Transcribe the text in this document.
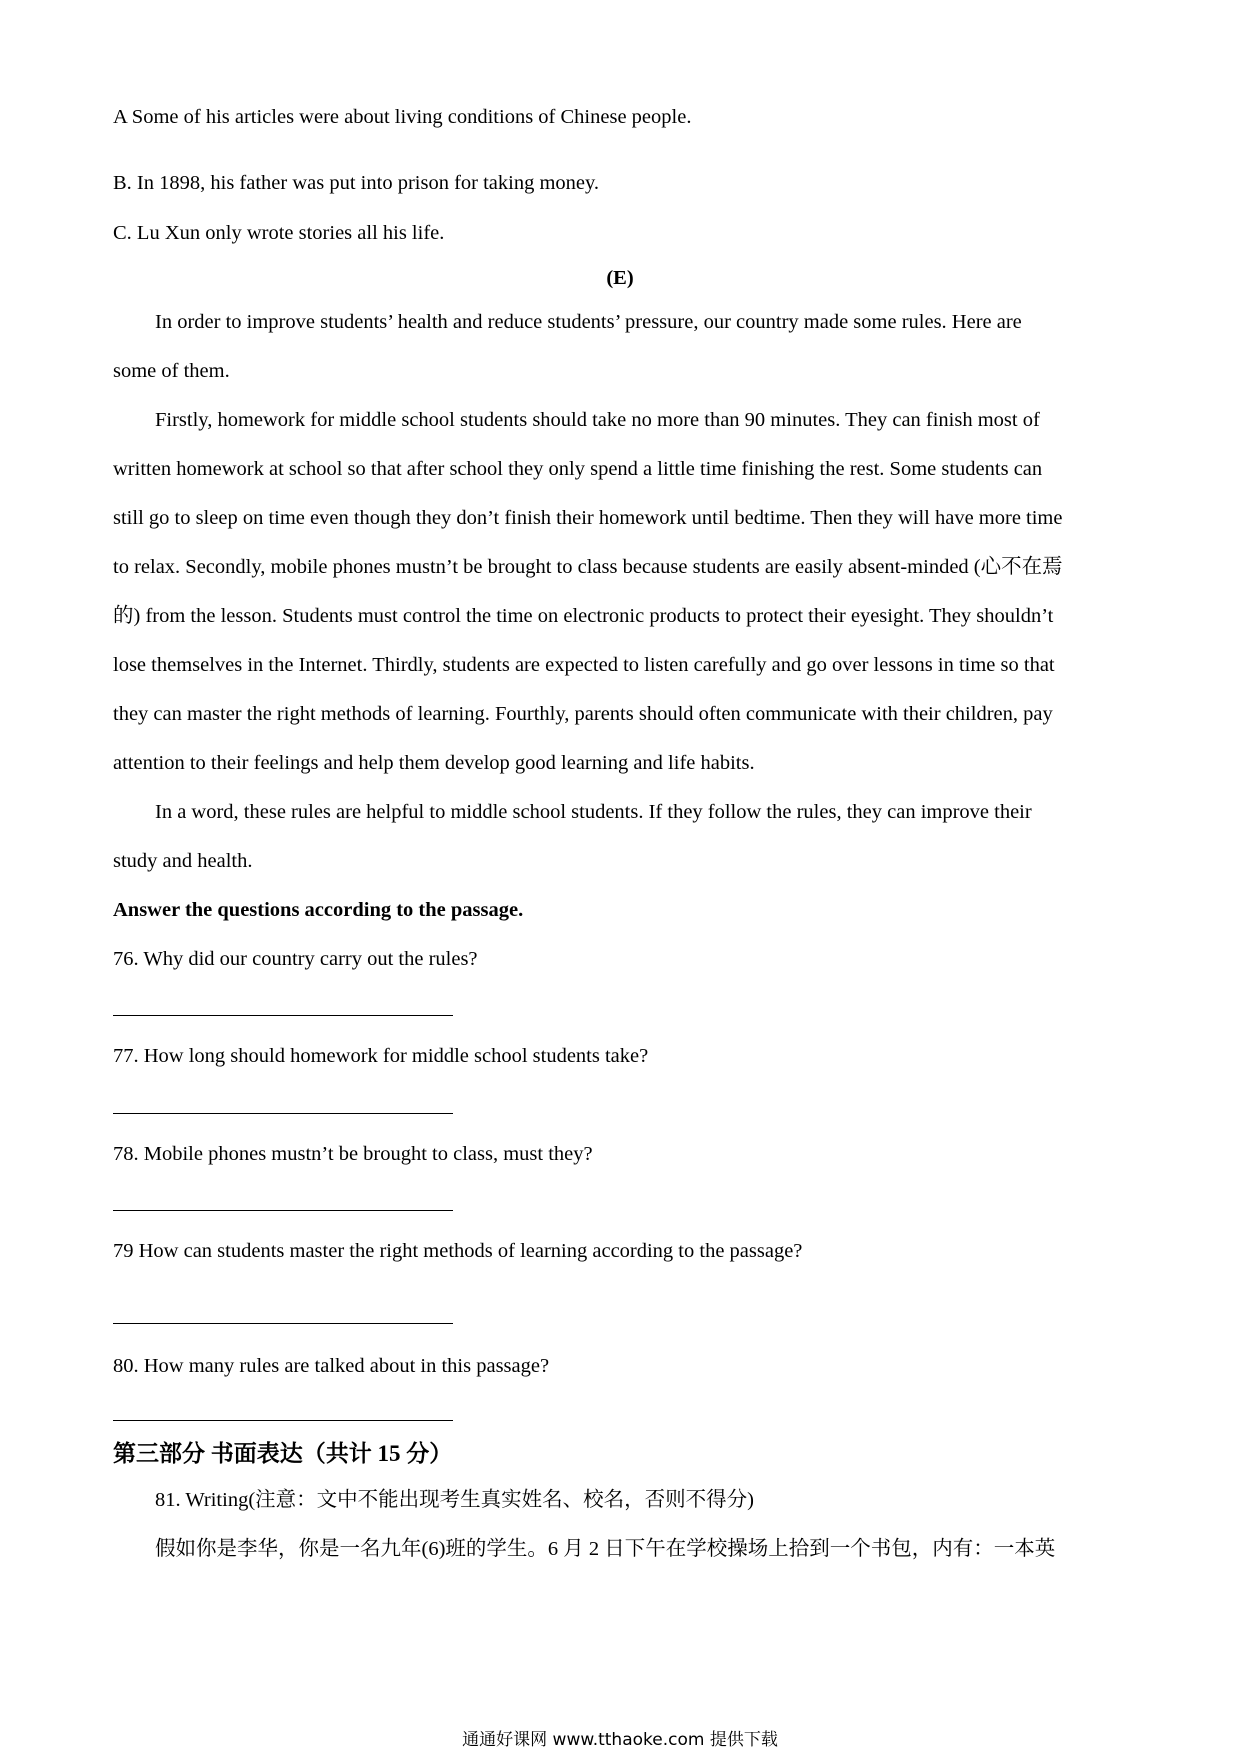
A Some of his articles were about living conditions of Chinese people.
B. In 1898, his father was put into prison for taking money.
C. Lu Xun only wrote stories all his life.
(E)
In order to improve students’ health and reduce students’ pressure, our country made some rules. Here are
some of them.
Firstly, homework for middle school students should take no more than 90 minutes. They can finish most of
written homework at school so that after school they only spend a little time finishing the rest. Some students can
still go to sleep on time even though they don’t finish their homework until bedtime. Then they will have more time
to relax. Secondly, mobile phones mustn’t be brought to class because students are easily absent-minded (心不在焉
的) from the lesson. Students must control the time on electronic products to protect their eyesight. They shouldn’t
lose themselves in the Internet. Thirdly, students are expected to listen carefully and go over lessons in time so that
they can master the right methods of learning. Fourthly, parents should often communicate with their children, pay
attention to their feelings and help them develop good learning and life habits.
In a word, these rules are helpful to middle school students. If they follow the rules, they can improve their
study and health.
Answer the questions according to the passage.
76. Why did our country carry out the rules?
77. How long should homework for middle school students take?
78. Mobile phones mustn’t be brought to class, must they?
79 How can students master the right methods of learning according to the passage?
80. How many rules are talked about in this passage?
第三部分 书面表达（共计 15 分）
81. Writing(注意：文中不能出现考生真实姓名、校名，否则不得分)
假如你是李华，你是一名九年(6)班的学生。6 月 2 日下午在学校操场上拾到一个书包，内有：一本英
通通好课网 www.tthaoke.com 提供下载
